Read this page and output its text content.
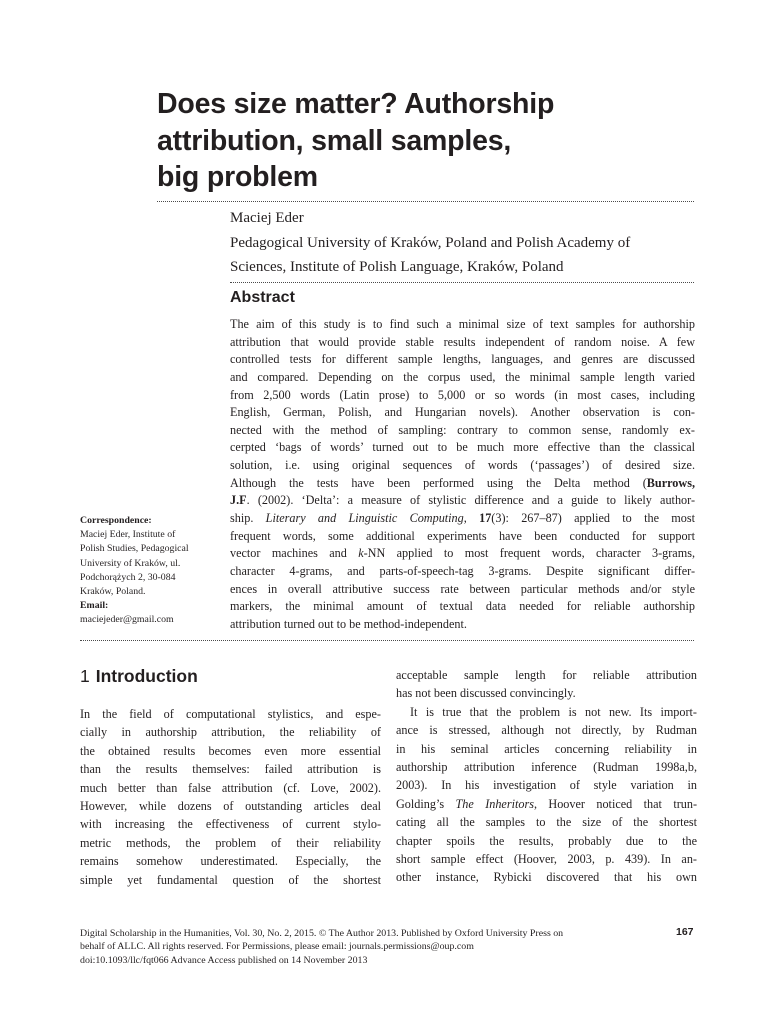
Does size matter? Authorship
attribution, small samples,
big problem
Maciej Eder
Pedagogical University of Kraków, Poland and Polish Academy of
Sciences, Institute of Polish Language, Kraków, Poland
Abstract
The aim of this study is to find such a minimal size of text samples for authorship
attribution that would provide stable results independent of random noise. A few
controlled tests for different sample lengths, languages, and genres are discussed
and compared. Depending on the corpus used, the minimal sample length varied
from 2,500 words (Latin prose) to 5,000 or so words (in most cases, including
English, German, Polish, and Hungarian novels). Another observation is con-
nected with the method of sampling: contrary to common sense, randomly ex-
cerpted ‘bags of words’ turned out to be much more effective than the classical
solution, i.e. using original sequences of words (‘passages’) of desired size.
Although the tests have been performed using the Delta method (Burrows,
J.F. (2002). ‘Delta’: a measure of stylistic difference and a guide to likely author-
ship. Literary and Linguistic Computing, 17(3): 267–87) applied to the most
frequent words, some additional experiments have been conducted for support
vector machines and k-NN applied to most frequent words, character 3-grams,
character 4-grams, and parts-of-speech-tag 3-grams. Despite significant differ-
ences in overall attributive success rate between particular methods and/or style
markers, the minimal amount of textual data needed for reliable authorship
attribution turned out to be method-independent.
Correspondence:
Maciej Eder, Institute of
Polish Studies, Pedagogical
University of Kraków, ul.
Podchorążych 2, 30-084
Kraków, Poland.
Email:
maciejeder@gmail.com
1 Introduction
In the field of computational stylistics, and espe-
cially in authorship attribution, the reliability of
the obtained results becomes even more essential
than the results themselves: failed attribution is
much better than false attribution (cf. Love, 2002).
However, while dozens of outstanding articles deal
with increasing the effectiveness of current stylo-
metric methods, the problem of their reliability
remains somehow underestimated. Especially, the
simple yet fundamental question of the shortest
acceptable sample length for reliable attribution
has not been discussed convincingly.
It is true that the problem is not new. Its import-
ance is stressed, although not directly, by Rudman
in his seminal articles concerning reliability in
authorship attribution inference (Rudman 1998a,b,
2003). In his investigation of style variation in
Golding’s The Inheritors, Hoover noticed that trun-
cating all the samples to the size of the shortest
chapter spoils the results, probably due to the
short sample effect (Hoover, 2003, p. 439). In an-
other instance, Rybicki discovered that his own
Digital Scholarship in the Humanities, Vol. 30, No. 2, 2015. © The Author 2013. Published by Oxford University Press on
behalf of ALLC. All rights reserved. For Permissions, please email: journals.permissions@oup.com
doi:10.1093/llc/fqt066 Advance Access published on 14 November 2013
167
